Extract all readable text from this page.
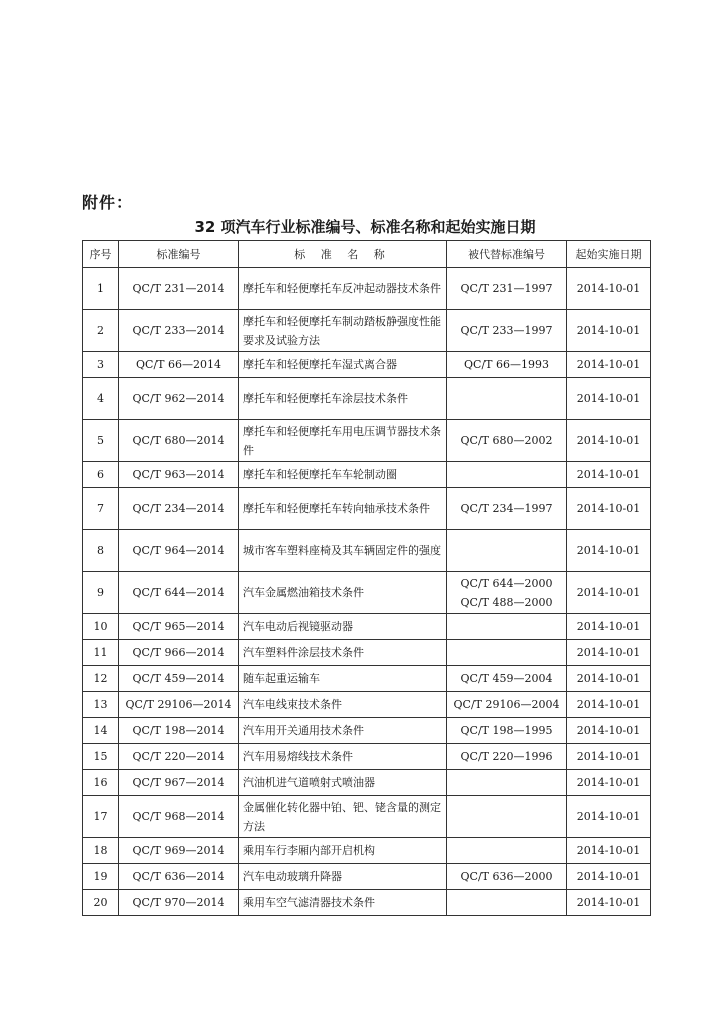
附件：
32 项汽车行业标准编号、标准名称和起始实施日期
序号	标准编号	标 准 名 称	被代替标准编号	起始实施日期
1	QC/T 231—2014	摩托车和轻便摩托车反冲起动器技术条件	QC/T 231—1997	2014-10-01
2	QC/T 233—2014	摩托车和轻便摩托车制动踏板静强度性能要求及试验方法	QC/T 233—1997	2014-10-01
3	QC/T 66—2014	摩托车和轻便摩托车湿式离合器	QC/T 66—1993	2014-10-01
4	QC/T 962—2014	摩托车和轻便摩托车涂层技术条件		2014-10-01
5	QC/T 680—2014	摩托车和轻便摩托车用电压调节器技术条件	QC/T 680—2002	2014-10-01
6	QC/T 963—2014	摩托车和轻便摩托车车轮制动圈		2014-10-01
7	QC/T 234—2014	摩托车和轻便摩托车转向轴承技术条件	QC/T 234—1997	2014-10-01
8	QC/T 964—2014	城市客车塑料座椅及其车辆固定件的强度		2014-10-01
9	QC/T 644—2014	汽车金属燃油箱技术条件	QC/T 644—2000
QC/T 488—2000	2014-10-01
10	QC/T 965—2014	汽车电动后视镜驱动器		2014-10-01
11	QC/T 966—2014	汽车塑料件涂层技术条件		2014-10-01
12	QC/T 459—2014	随车起重运输车	QC/T 459—2004	2014-10-01
13	QC/T 29106—2014	汽车电线束技术条件	QC/T 29106—2004	2014-10-01
14	QC/T 198—2014	汽车用开关通用技术条件	QC/T 198—1995	2014-10-01
15	QC/T 220—2014	汽车用易熔线技术条件	QC/T 220—1996	2014-10-01
16	QC/T 967—2014	汽油机进气道喷射式喷油器		2014-10-01
17	QC/T 968—2014	金属催化转化器中铂、钯、铑含量的测定方法		2014-10-01
18	QC/T 969—2014	乘用车行李厢内部开启机构		2014-10-01
19	QC/T 636—2014	汽车电动玻璃升降器	QC/T 636—2000	2014-10-01
20	QC/T 970—2014	乘用车空气滤清器技术条件		2014-10-01
